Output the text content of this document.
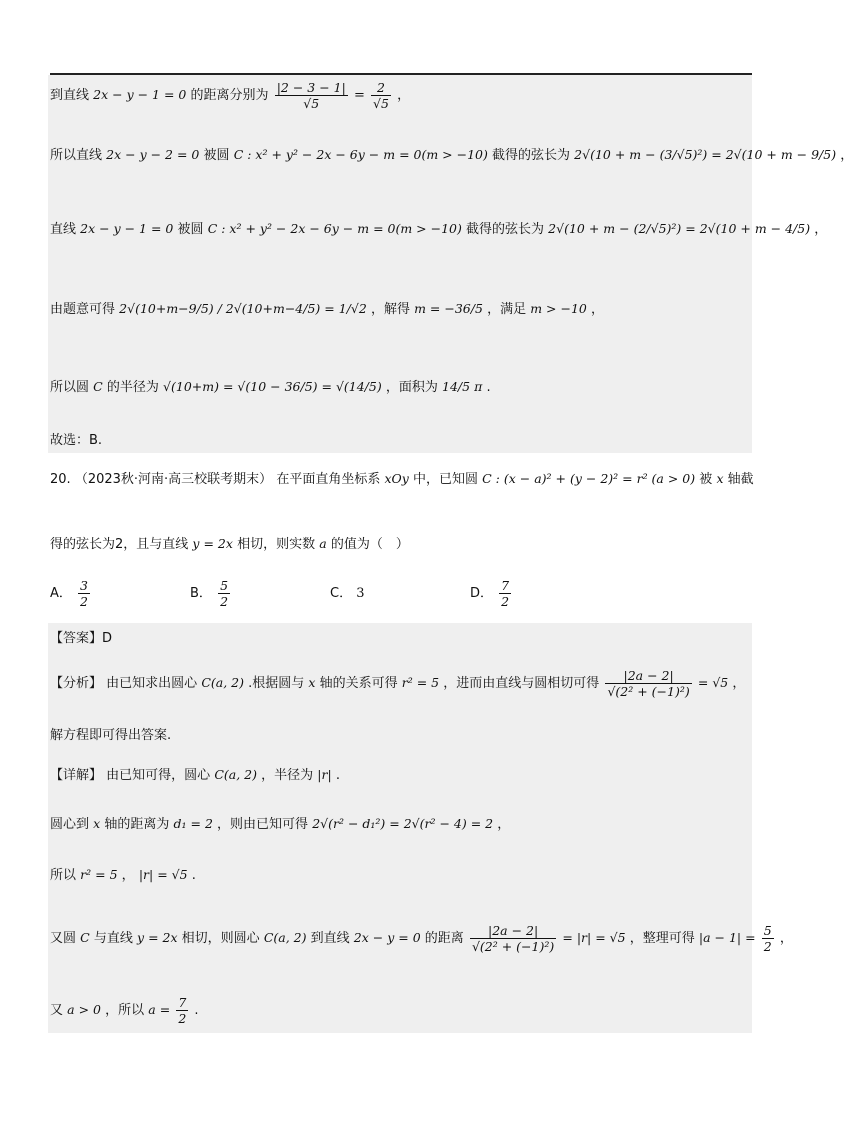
到直线 2x − y − 1 = 0 的距离分别为 $\frac{|2 - 3 - 1|}{√5} = \frac{2}{√5}$ ，
所以直线 2x − y − 2 = 0 被圆 C : x² + y² − 2x − 6y − m = 0(m > −10) 截得的弦长为 2√(10 + m − (3/√5)²) = 2√(10 + m − 9/5) ，
直线 2x − y − 1 = 0 被圆 C : x² + y² − 2x − 6y − m = 0(m > −10) 截得的弦长为 2√(10 + m − (2/√5)²) = 2√(10 + m − 4/5) ，
由题意可得 2√(10+m−9/5) / 2√(10+m−4/5) = 1/√2 ，解得 m = −36/5 ，满足 m > −10 ，
所以圆 C 的半径为 √(10+m) = √(10 − 36/5) = √(14/5) ，面积为 14/5 π .
故选：B.
20. （2023秋·河南·高三校联考期末） 在平面直角坐标系 xOy 中，已知圆 C : (x − a)² + (y − 2)² = r² (a > 0) 被 x 轴截
得的弦长为2，且与直线 y = 2x 相切，则实数 a 的值为（　）
A． $\frac{3}{2}$	B． $\frac{5}{2}$	C． 3	D． $\frac{7}{2}$
【答案】D
【分析】 由已知求出圆心 C(a, 2) .根据圆与 x 轴的关系可得 r² = 5 ，进而由直线与圆相切可得 $\frac{|2a - 2|}{\text{√(2² + (−1)²)}} = √5$ ，
解方程即可得出答案.
【详解】 由已知可得，圆心 C(a, 2) ，半径为 |r| .
圆心到 x 轴的距离为 d₁ = 2 ，则由已知可得 2√(r² − d₁²) = 2√(r² − 4) = 2 ，
所以 r² = 5 ， |r| = √5 .
又圆 C 与直线 y = 2x 相切，则圆心 C(a, 2) 到直线 2x − y = 0 的距离 $\frac{|2a - 2|}{\text{√(2² + (−1)²)}} = |r| = √5$ ，整理可得 $|a - 1| = \frac{5}{2}$ ，
又 a > 0 ，所以 $a = \frac{7}{2}$ .
